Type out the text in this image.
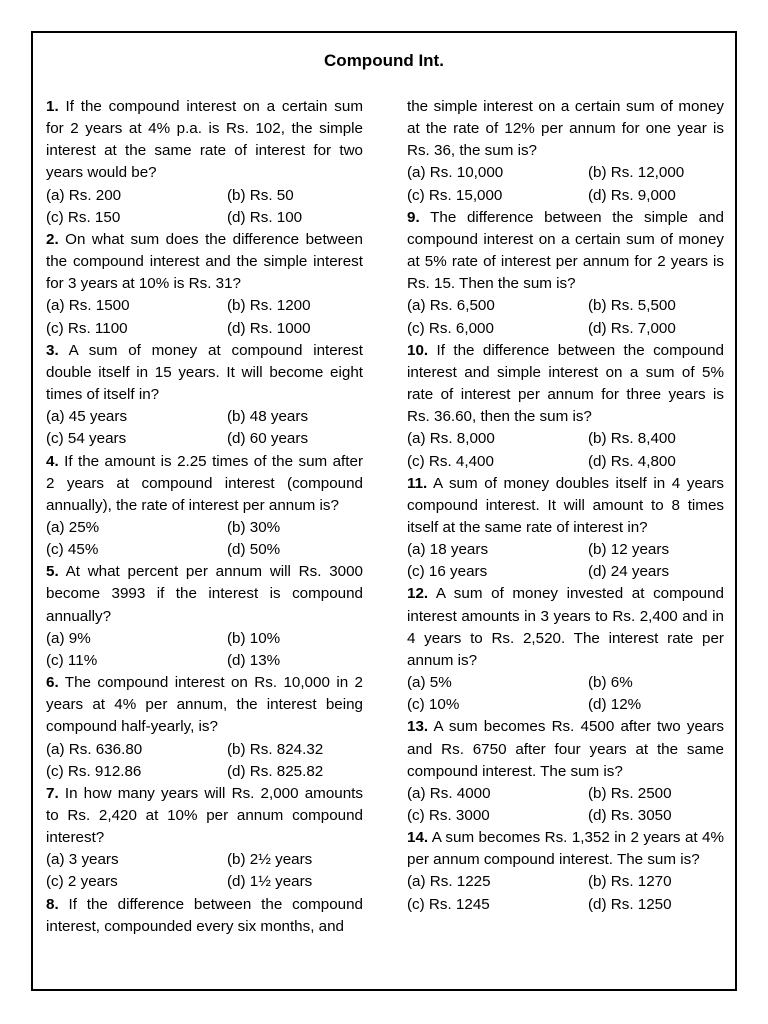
Compound Int.
1. If the compound interest on a certain sum for 2 years at 4% p.a. is Rs. 102, the simple interest at the same rate of interest for two years would be?
(a) Rs. 200	(b) Rs. 50
(c) Rs. 150	(d) Rs. 100
2. On what sum does the difference between the compound interest and the simple interest for 3 years at 10% is Rs. 31?
(a) Rs. 1500	(b) Rs. 1200
(c) Rs. 1100	(d) Rs. 1000
3. A sum of money at compound interest double itself in 15 years. It will become eight times of itself in?
(a) 45 years	(b) 48 years
(c) 54 years	(d) 60 years
4. If the amount is 2.25 times of the sum after 2 years at compound interest (compound annually), the rate of interest per annum is?
(a) 25%	(b) 30%
(c) 45%	(d) 50%
5. At what percent per annum will Rs. 3000 become 3993 if the interest is compound annually?
(a) 9%	(b) 10%
(c) 11%	(d) 13%
6. The compound interest on Rs. 10,000 in 2 years at 4% per annum, the interest being compound half-yearly, is?
(a) Rs. 636.80	(b) Rs. 824.32
(c) Rs. 912.86	(d) Rs. 825.82
7. In how many years will Rs. 2,000 amounts to Rs. 2,420 at 10% per annum compound interest?
(a) 3 years	(b) 2½ years
(c) 2 years	(d) 1½ years
8. If the difference between the compound interest, compounded every six months, and
the simple interest on a certain sum of money at the rate of 12% per annum for one year is Rs. 36, the sum is?
(a) Rs. 10,000	(b) Rs. 12,000
(c) Rs. 15,000	(d) Rs. 9,000
9. The difference between the simple and compound interest on a certain sum of money at 5% rate of interest per annum for 2 years is Rs. 15. Then the sum is?
(a) Rs. 6,500	(b) Rs. 5,500
(c) Rs. 6,000	(d) Rs. 7,000
10. If the difference between the compound interest and simple interest on a sum of 5% rate of interest per annum for three years is Rs. 36.60, then the sum is?
(a) Rs. 8,000	(b) Rs. 8,400
(c) Rs. 4,400	(d) Rs. 4,800
11. A sum of money doubles itself in 4 years compound interest. It will amount to 8 times itself at the same rate of interest in?
(a) 18 years	(b) 12 years
(c) 16 years	(d) 24 years
12. A sum of money invested at compound interest amounts in 3 years to Rs. 2,400 and in 4 years to Rs. 2,520. The interest rate per annum is?
(a) 5%	(b) 6%
(c) 10%	(d) 12%
13. A sum becomes Rs. 4500 after two years and Rs. 6750 after four years at the same compound interest. The sum is?
(a) Rs. 4000	(b) Rs. 2500
(c) Rs. 3000	(d) Rs. 3050
14. A sum becomes Rs. 1,352 in 2 years at 4% per annum compound interest. The sum is?
(a) Rs. 1225	(b) Rs. 1270
(c) Rs. 1245	(d) Rs. 1250
